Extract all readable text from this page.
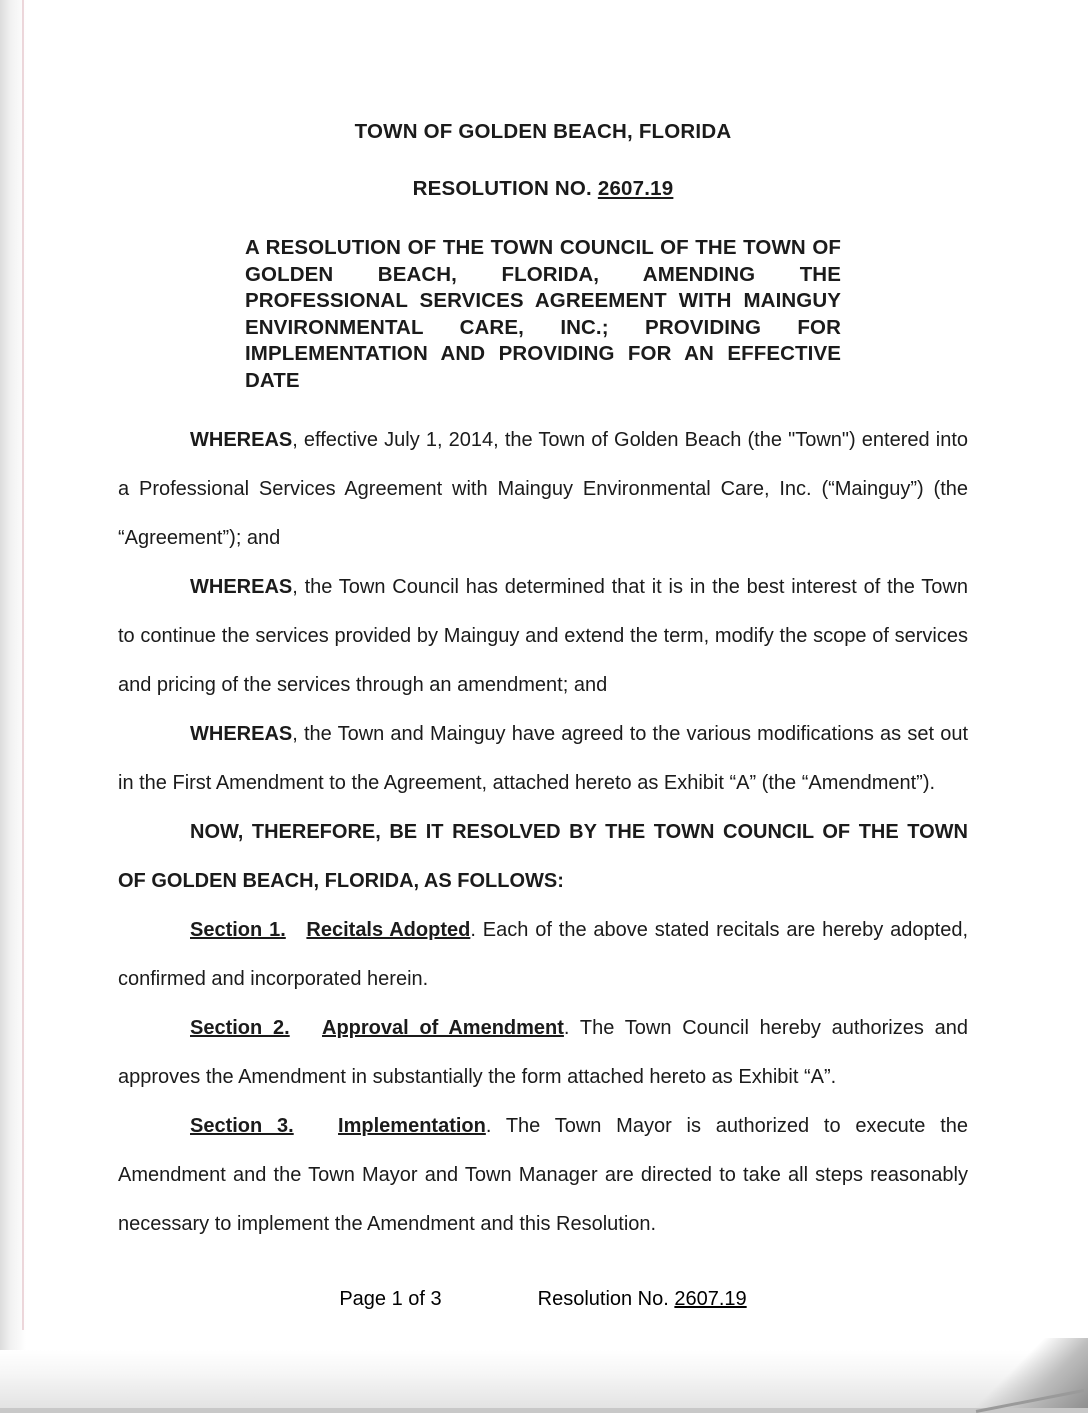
TOWN OF GOLDEN BEACH, FLORIDA
RESOLUTION NO. 2607.19
A RESOLUTION OF THE TOWN COUNCIL OF THE TOWN OF GOLDEN BEACH, FLORIDA, AMENDING THE PROFESSIONAL SERVICES AGREEMENT WITH MAINGUY ENVIRONMENTAL CARE, INC.; PROVIDING FOR IMPLEMENTATION AND PROVIDING FOR AN EFFECTIVE DATE

WHEREAS, effective July 1, 2014, the Town of Golden Beach (the "Town") entered into a Professional Services Agreement with Mainguy Environmental Care, Inc. (“Mainguy”) (the “Agreement”); and

WHEREAS, the Town Council has determined that it is in the best interest of the Town to continue the services provided by Mainguy and extend the term, modify the scope of services and pricing of the services through an amendment; and

WHEREAS, the Town and Mainguy have agreed to the various modifications as set out in the First Amendment to the Agreement, attached hereto as Exhibit “A” (the “Amendment”).

NOW, THEREFORE, BE IT RESOLVED BY THE TOWN COUNCIL OF THE TOWN OF GOLDEN BEACH, FLORIDA, AS FOLLOWS:

Section 1. Recitals Adopted. Each of the above stated recitals are hereby adopted, confirmed and incorporated herein.

Section 2. Approval of Amendment. The Town Council hereby authorizes and approves the Amendment in substantially the form attached hereto as Exhibit “A”.

Section 3. Implementation. The Town Mayor is authorized to execute the Amendment and the Town Mayor and Town Manager are directed to take all steps reasonably necessary to implement the Amendment and this Resolution.

Page 1 of 3	Resolution No. 2607.19
